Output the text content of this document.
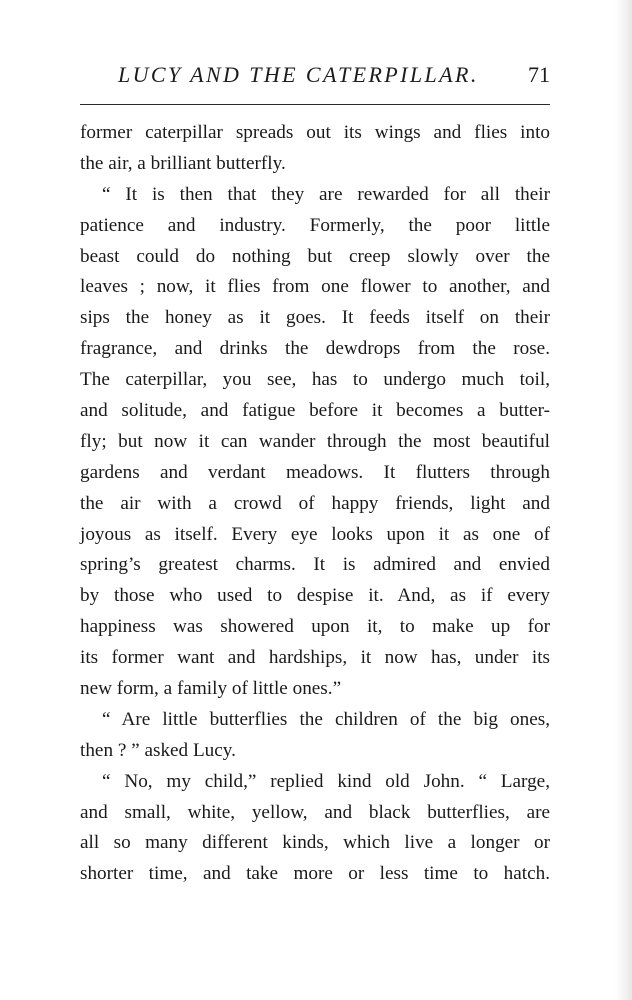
LUCY AND THE CATERPILLAR. 71
former caterpillar spreads out its wings and flies into
the air, a brilliant butterfly.
“ It is then that they are rewarded for all their
patience and industry. Formerly, the poor little
beast could do nothing but creep slowly over the
leaves ; now, it flies from one flower to another, and
sips the honey as it goes. It feeds itself on their
fragrance, and drinks the dewdrops from the rose.
The caterpillar, you see, has to undergo much toil,
and solitude, and fatigue before it becomes a butter-
fly; but now it can wander through the most beautiful
gardens and verdant meadows. It flutters through
the air with a crowd of happy friends, light and
joyous as itself. Every eye looks upon it as one of
spring’s greatest charms. It is admired and envied
by those who used to despise it. And, as if every
happiness was showered upon it, to make up for
its former want and hardships, it now has, under its
new form, a family of little ones.”
“ Are little butterflies the children of the big ones,
then ? ” asked Lucy.
“ No, my child,” replied kind old John. “ Large,
and small, white, yellow, and black butterflies, are
all so many different kinds, which live a longer or
shorter time, and take more or less time to hatch.
